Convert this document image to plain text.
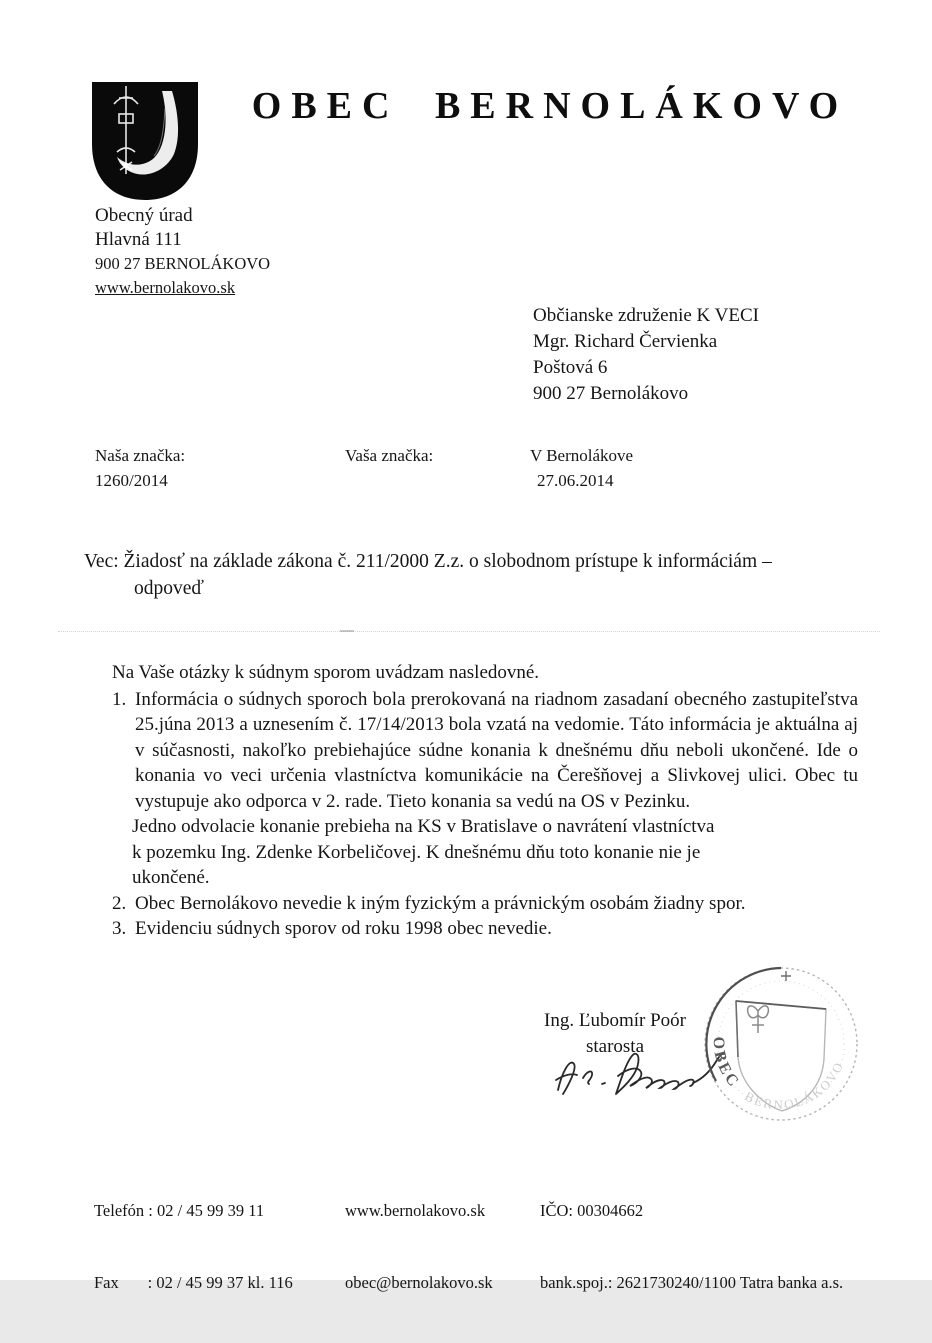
OBEC BERNOLÁKOVO
Obecný úrad
Hlavná 111
900 27 BERNOLÁKOVO
www.bernolakovo.sk
Občianske združenie K VECI
Mgr. Richard Červienka
Poštová 6
900 27 Bernolákovo
Naša značka:
1260/2014
Vaša značka:	V Bernolákove
27.06.2014
Vec: Žiadosť na základe zákona č. 211/2000 Z.z. o slobodnom prístupe k informáciám –
odpoveď
Na Vaše otázky k súdnym sporom uvádzam nasledovné.
1. Informácia o súdnych sporoch bola prerokovaná na riadnom zasadaní obecného zastupiteľstva 25.júna 2013 a uznesením č. 17/14/2013 bola vzatá na vedomie. Táto informácia je aktuálna aj v súčasnosti, nakoľko prebiehajúce súdne konania k dnešnému dňu neboli ukončené. Ide o konania vo veci určenia vlastníctva komunikácie na Čerešňovej a Slivkovej ulici. Obec tu vystupuje ako odporca v 2. rade. Tieto konania sa vedú na OS v Pezinku.
Jedno odvolacie konanie prebieha na KS v Bratislave o navrátení vlastníctva
k pozemku Ing. Zdenke Korbeličovej. K dnešnému dňu toto konanie nie je
ukončené.
2. Obec Bernolákovo nevedie k iným fyzickým a právnickým osobám žiadny spor.
3. Evidenciu súdnych sporov od roku 1998 obec nevedie.
Ing. Ľubomír Poór
starosta	OBEC
BERNOLÁKOVO

Telefón : 02 / 45 99 39 11

Fax       : 02 / 45 99 37 kl. 116

www.bernolakovo.sk

obec@bernolakovo.sk

IČO: 00304662

bank.spoj.: 2621730240/1100 Tatra banka a.s.
